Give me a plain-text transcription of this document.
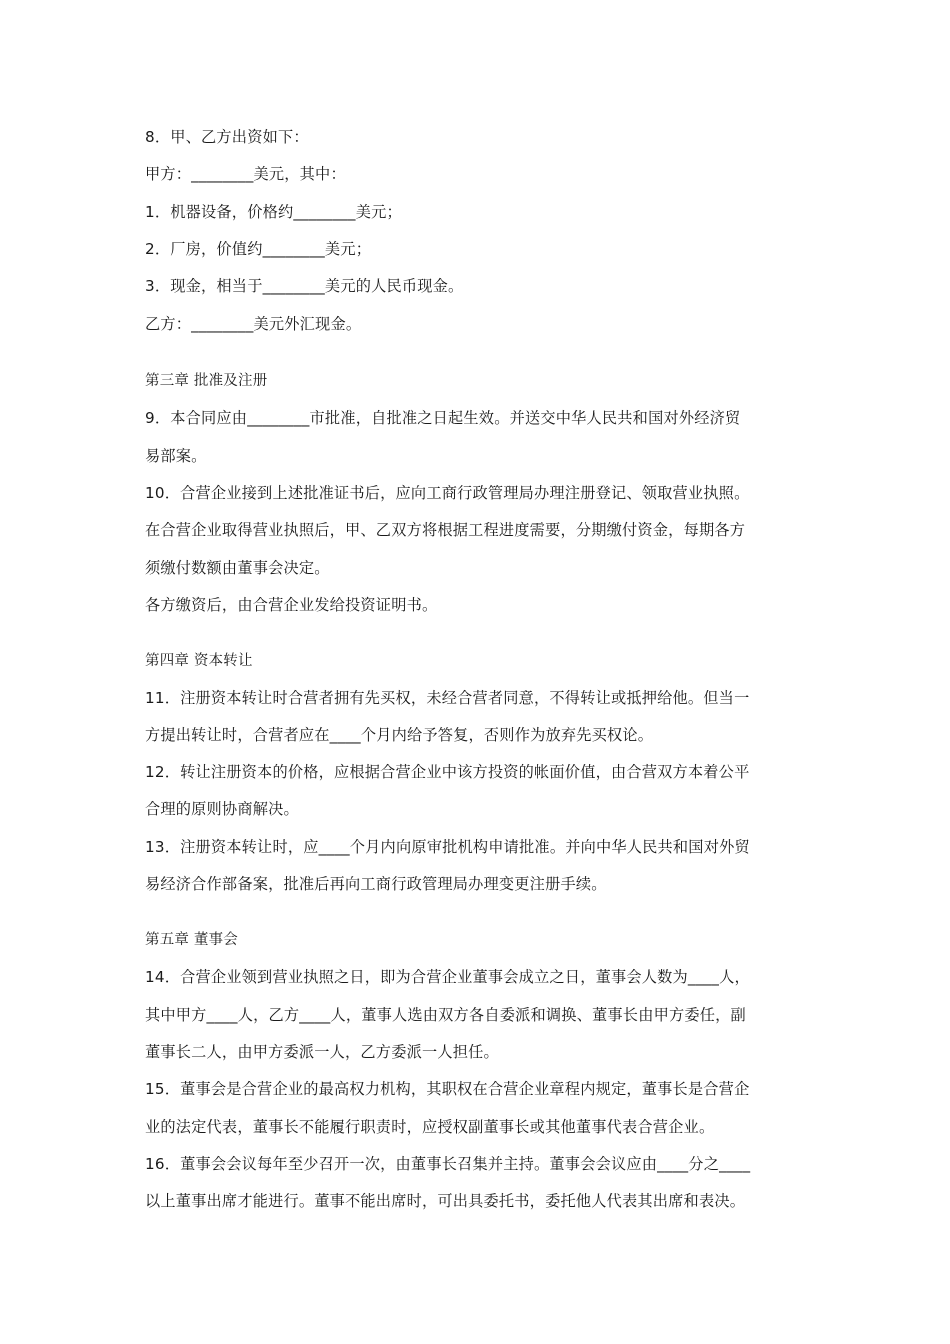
8．甲、乙方出资如下：
甲方：________美元，其中：
1．机器设备，价格约________美元；
2．厂房，价值约________美元；
3．现金，相当于________美元的人民币现金。
乙方：________美元外汇现金。
第三章 批准及注册
9．本合同应由________市批准，自批准之日起生效。并送交中华人民共和国对外经济贸
易部案。
10．合营企业接到上述批准证书后，应向工商行政管理局办理注册登记、领取营业执照。
在合营企业取得营业执照后，甲、乙双方将根据工程进度需要，分期缴付资金，每期各方
须缴付数额由董事会决定。
各方缴资后，由合营企业发给投资证明书。
第四章 资本转让
11．注册资本转让时合营者拥有先买权，未经合营者同意，不得转让或抵押给他。但当一
方提出转让时，合营者应在____个月内给予答复，否则作为放弃先买权论。
12．转让注册资本的价格，应根据合营企业中该方投资的帐面价值，由合营双方本着公平
合理的原则协商解决。
13．注册资本转让时，应____个月内向原审批机构申请批准。并向中华人民共和国对外贸
易经济合作部备案，批准后再向工商行政管理局办理变更注册手续。
第五章 董事会
14．合营企业领到营业执照之日，即为合营企业董事会成立之日，董事会人数为____人，
其中甲方____人，乙方____人，董事人选由双方各自委派和调换、董事长由甲方委任，副
董事长二人，由甲方委派一人，乙方委派一人担任。
15．董事会是合营企业的最高权力机构，其职权在合营企业章程内规定，董事长是合营企
业的法定代表，董事长不能履行职责时，应授权副董事长或其他董事代表合营企业。
16．董事会会议每年至少召开一次，由董事长召集并主持。董事会会议应由____分之____
以上董事出席才能进行。董事不能出席时，可出具委托书，委托他人代表其出席和表决。
